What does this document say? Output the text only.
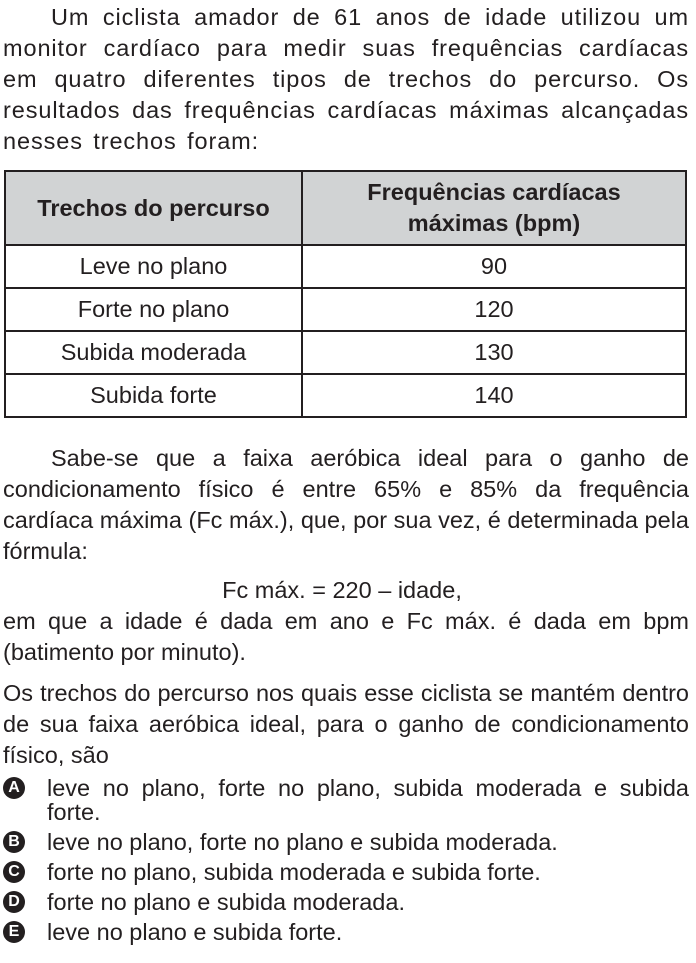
Um ciclista amador de 61 anos de idade utilizou um monitor cardíaco para medir suas frequências cardíacas em quatro diferentes tipos de trechos do percurso. Os resultados das frequências cardíacas máximas alcançadas nesses trechos foram:

Trechos do percurso	Frequências cardíacas máximas (bpm)
Leve no plano	90
Forte no plano	120
Subida moderada	130
Subida forte	140

Sabe-se que a faixa aeróbica ideal para o ganho de condicionamento físico é entre 65% e 85% da frequência cardíaca máxima (Fc máx.), que, por sua vez, é determinada pela fórmula:

Fc máx. = 220 – idade,

em que a idade é dada em ano e Fc máx. é dada em bpm (batimento por minuto).

Os trechos do percurso nos quais esse ciclista se mantém dentro de sua faixa aeróbica ideal, para o ganho de condicionamento físico, são

A leve no plano, forte no plano, subida moderada e subida forte.
B leve no plano, forte no plano e subida moderada.
C forte no plano, subida moderada e subida forte.
D forte no plano e subida moderada.
E leve no plano e subida forte.
